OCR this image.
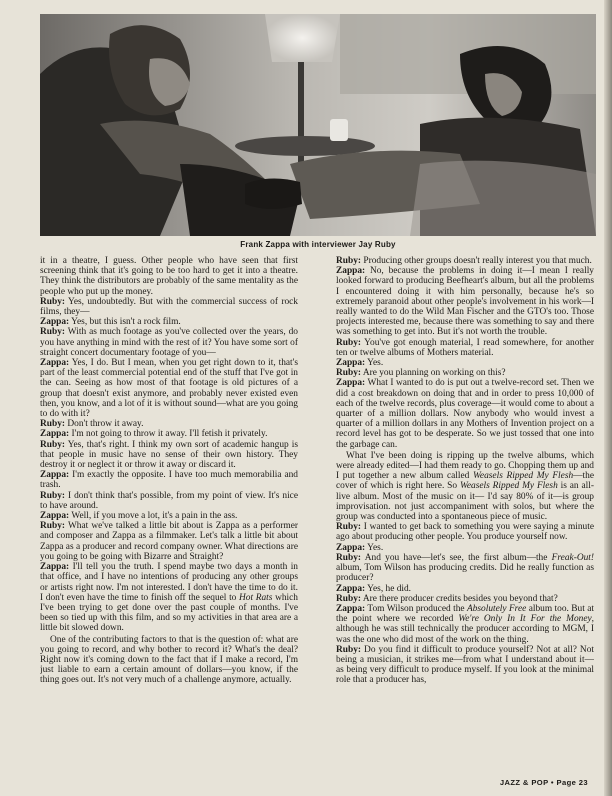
Frank Zappa with interviewer Jay Ruby

it in a theatre, I guess. Other people who have seen that first screening think that it's going to be too hard to get it into a theatre. They think the distributors are probably of the same mentality as the people who put up the money.

Ruby: Yes, undoubtedly. But with the commercial success of rock films, they—

Zappa: Yes, but this isn't a rock film.

Ruby: With as much footage as you've collected over the years, do you have anything in mind with the rest of it? You have some sort of straight concert documentary footage of you—

Zappa: Yes, I do. But I mean, when you get right down to it, that's part of the least commercial potential end of the stuff that I've got in the can. Seeing as how most of that footage is old pictures of a group that doesn't exist anymore, and probably never existed even then, you know, and a lot of it is without sound—what are you going to do with it?

Ruby: Don't throw it away.

Zappa: I'm not going to throw it away. I'll fetish it privately.

Ruby: Yes, that's right. I think my own sort of academic hangup is that people in music have no sense of their own history. They destroy it or neglect it or throw it away or discard it.

Zappa: I'm exactly the opposite. I have too much memorabilia and trash.

Ruby: I don't think that's possible, from my point of view. It's nice to have around.

Zappa: Well, if you move a lot, it's a pain in the ass.

Ruby: What we've talked a little bit about is Zappa as a performer and composer and Zappa as a filmmaker. Let's talk a little bit about Zappa as a producer and record company owner. What directions are you going to be going with Bizarre and Straight?

Zappa: I'll tell you the truth. I spend maybe two days a month in that office, and I have no intentions of producing any other groups or artists right now. I'm not interested. I don't have the time to do it. I don't even have the time to finish off the sequel to Hot Rats which I've been trying to get done over the past couple of months. I've been so tied up with this film, and so my activities in that area are a little bit slowed down.

One of the contributing factors to that is the question of: what are you going to record, and why bother to record it? What's the deal? Right now it's coming down to the fact that if I make a record, I'm just liable to earn a certain amount of dollars—you know, if the thing goes out. It's not very much of a challenge anymore, actually.

Ruby: Producing other groups doesn't really interest you that much.

Zappa: No, because the problems in doing it—I mean I really looked forward to producing Beefheart's album, but all the problems I encountered doing it with him personally, because he's so extremely paranoid about other people's involvement in his work—I really wanted to do the Wild Man Fischer and the GTO's too. Those projects interested me, because there was something to say and there was something to get into. But it's not worth the trouble.

Ruby: You've got enough material, I read somewhere, for another ten or twelve albums of Mothers material.

Zappa: Yes.

Ruby: Are you planning on working on this?

Zappa: What I wanted to do is put out a twelve-record set. Then we did a cost breakdown on doing that and in order to press 10,000 of each of the twelve records, plus coverage—it would come to about a quarter of a million dollars. Now anybody who would invest a quarter of a million dollars in any Mothers of Invention project on a record level has got to be desperate. So we just tossed that one into the garbage can.

What I've been doing is ripping up the twelve albums, which were already edited—I had them ready to go. Chopping them up and I put together a new album called Weasels Ripped My Flesh—the cover of which is right here. So Weasels Ripped My Flesh is an all-live album. Most of the music on it— I'd say 80% of it—is group improvisation. not just accompaniment with solos, but where the group was conducted into a spontaneous piece of music.

Ruby: I wanted to get back to something you were saying a minute ago about producing other people. You produce yourself now.

Zappa: Yes.

Ruby: And you have—let's see, the first album—the Freak-Out! album, Tom Wilson has producing credits. Did he really function as producer?

Zappa: Yes, he did.

Ruby: Are there producer credits besides you beyond that?

Zappa: Tom Wilson produced the Absolutely Free album too. But at the point where we recorded We're Only In It For the Money, although he was still technically the producer according to MGM, I was the one who did most of the work on the thing.

Ruby: Do you find it difficult to produce yourself? Not at all? Not being a musician, it strikes me—from what I understand about it—as being very difficult to produce myself. If you look at the minimal role that a producer has,

JAZZ & POP • Page 23
